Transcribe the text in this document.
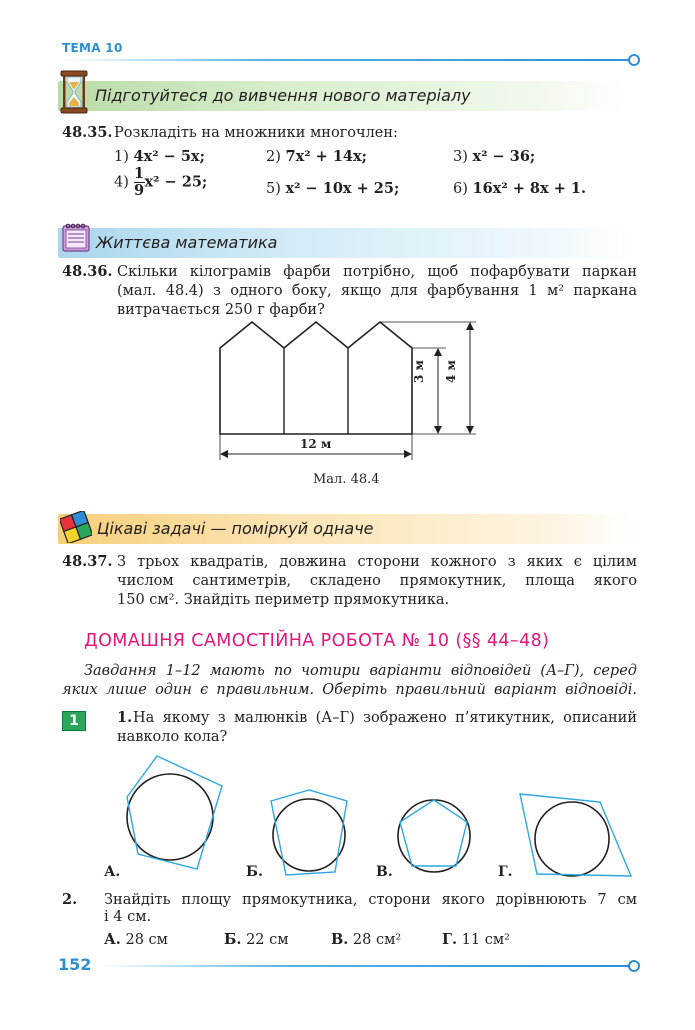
ТЕМА 10
Підготуйтеся до вивчення нового матеріалу
48.35. Розкладіть на множники многочлен:
1) 4x² − 5x;	2) 7x² + 14x;	3) x² − 36;
$4) \frac{1}{9} x^2 - 25$;	5) x² − 10x + 25;	6) 16x² + 8x + 1.
Життєва математика
48.36. Скільки кілограмів фарби потрібно, щоб пофарбувати паркан
(мал. 48.4) з одного боку, якщо для фарбування 1 м² паркана
витрачається 250 г фарби?
12 м
3 м 4 м
Мал. 48.4
Цікаві задачі — поміркуй одначе
48.37. З трьох квадратів, довжина сторони кожного з яких є цілим
числом сантиметрів, складено прямокутник, площа якого
150 см². Знайдіть периметр прямокутника.
ДОМАШНЯ САМОСТІЙНА РОБОТА № 10 (§§ 44–48)
Завдання 1–12 мають по чотири варіанти відповідей (А–Г), серед
яких лише один є правильним. Оберіть правильний варіант відповіді.
1	1. На якому з малюнків (А–Г) зображено п’ятикутник, описаний
навколо кола?
А.	Б.	В.	Г.
2. Знайдіть площу прямокутника, сторони якого дорівнюють 7 см
і 4 см.
А. 28 см	Б. 22 см	В. 28 см²	Г. 11 см²
152
